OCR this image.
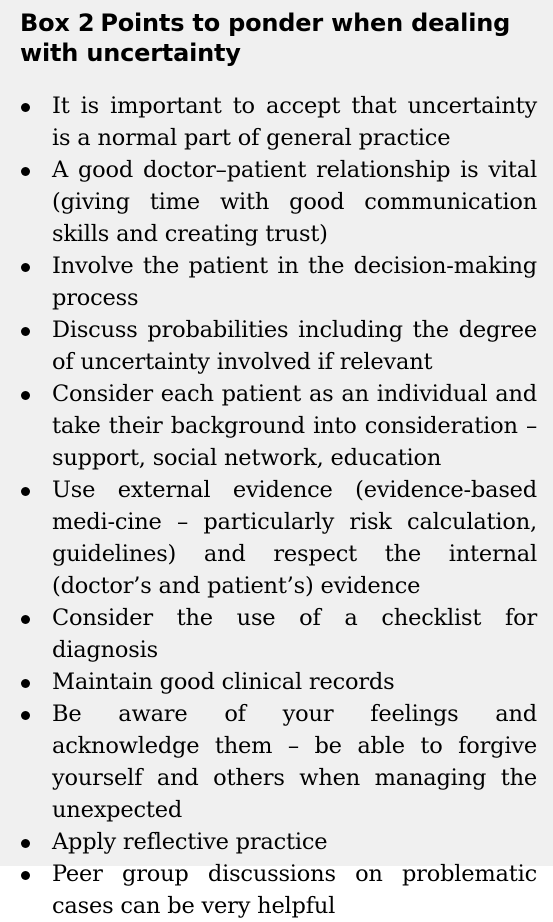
Box 2 Points to ponder when dealing with uncertainty
It is important to accept that uncertainty is a normal part of general practice
A good doctor–patient relationship is vital (giving time with good communication skills and creating trust)
Involve the patient in the decision-making process
Discuss probabilities including the degree of uncertainty involved if relevant
Consider each patient as an individual and take their background into consideration – support, social network, education
Use external evidence (evidence-based medi-cine – particularly risk calculation, guidelines) and respect the internal (doctor’s and patient’s) evidence
Consider the use of a checklist for diagnosis
Maintain good clinical records
Be aware of your feelings and acknowledge them – be able to forgive yourself and others when managing the unexpected
Apply reflective practice
Peer group discussions on problematic cases can be very helpful
